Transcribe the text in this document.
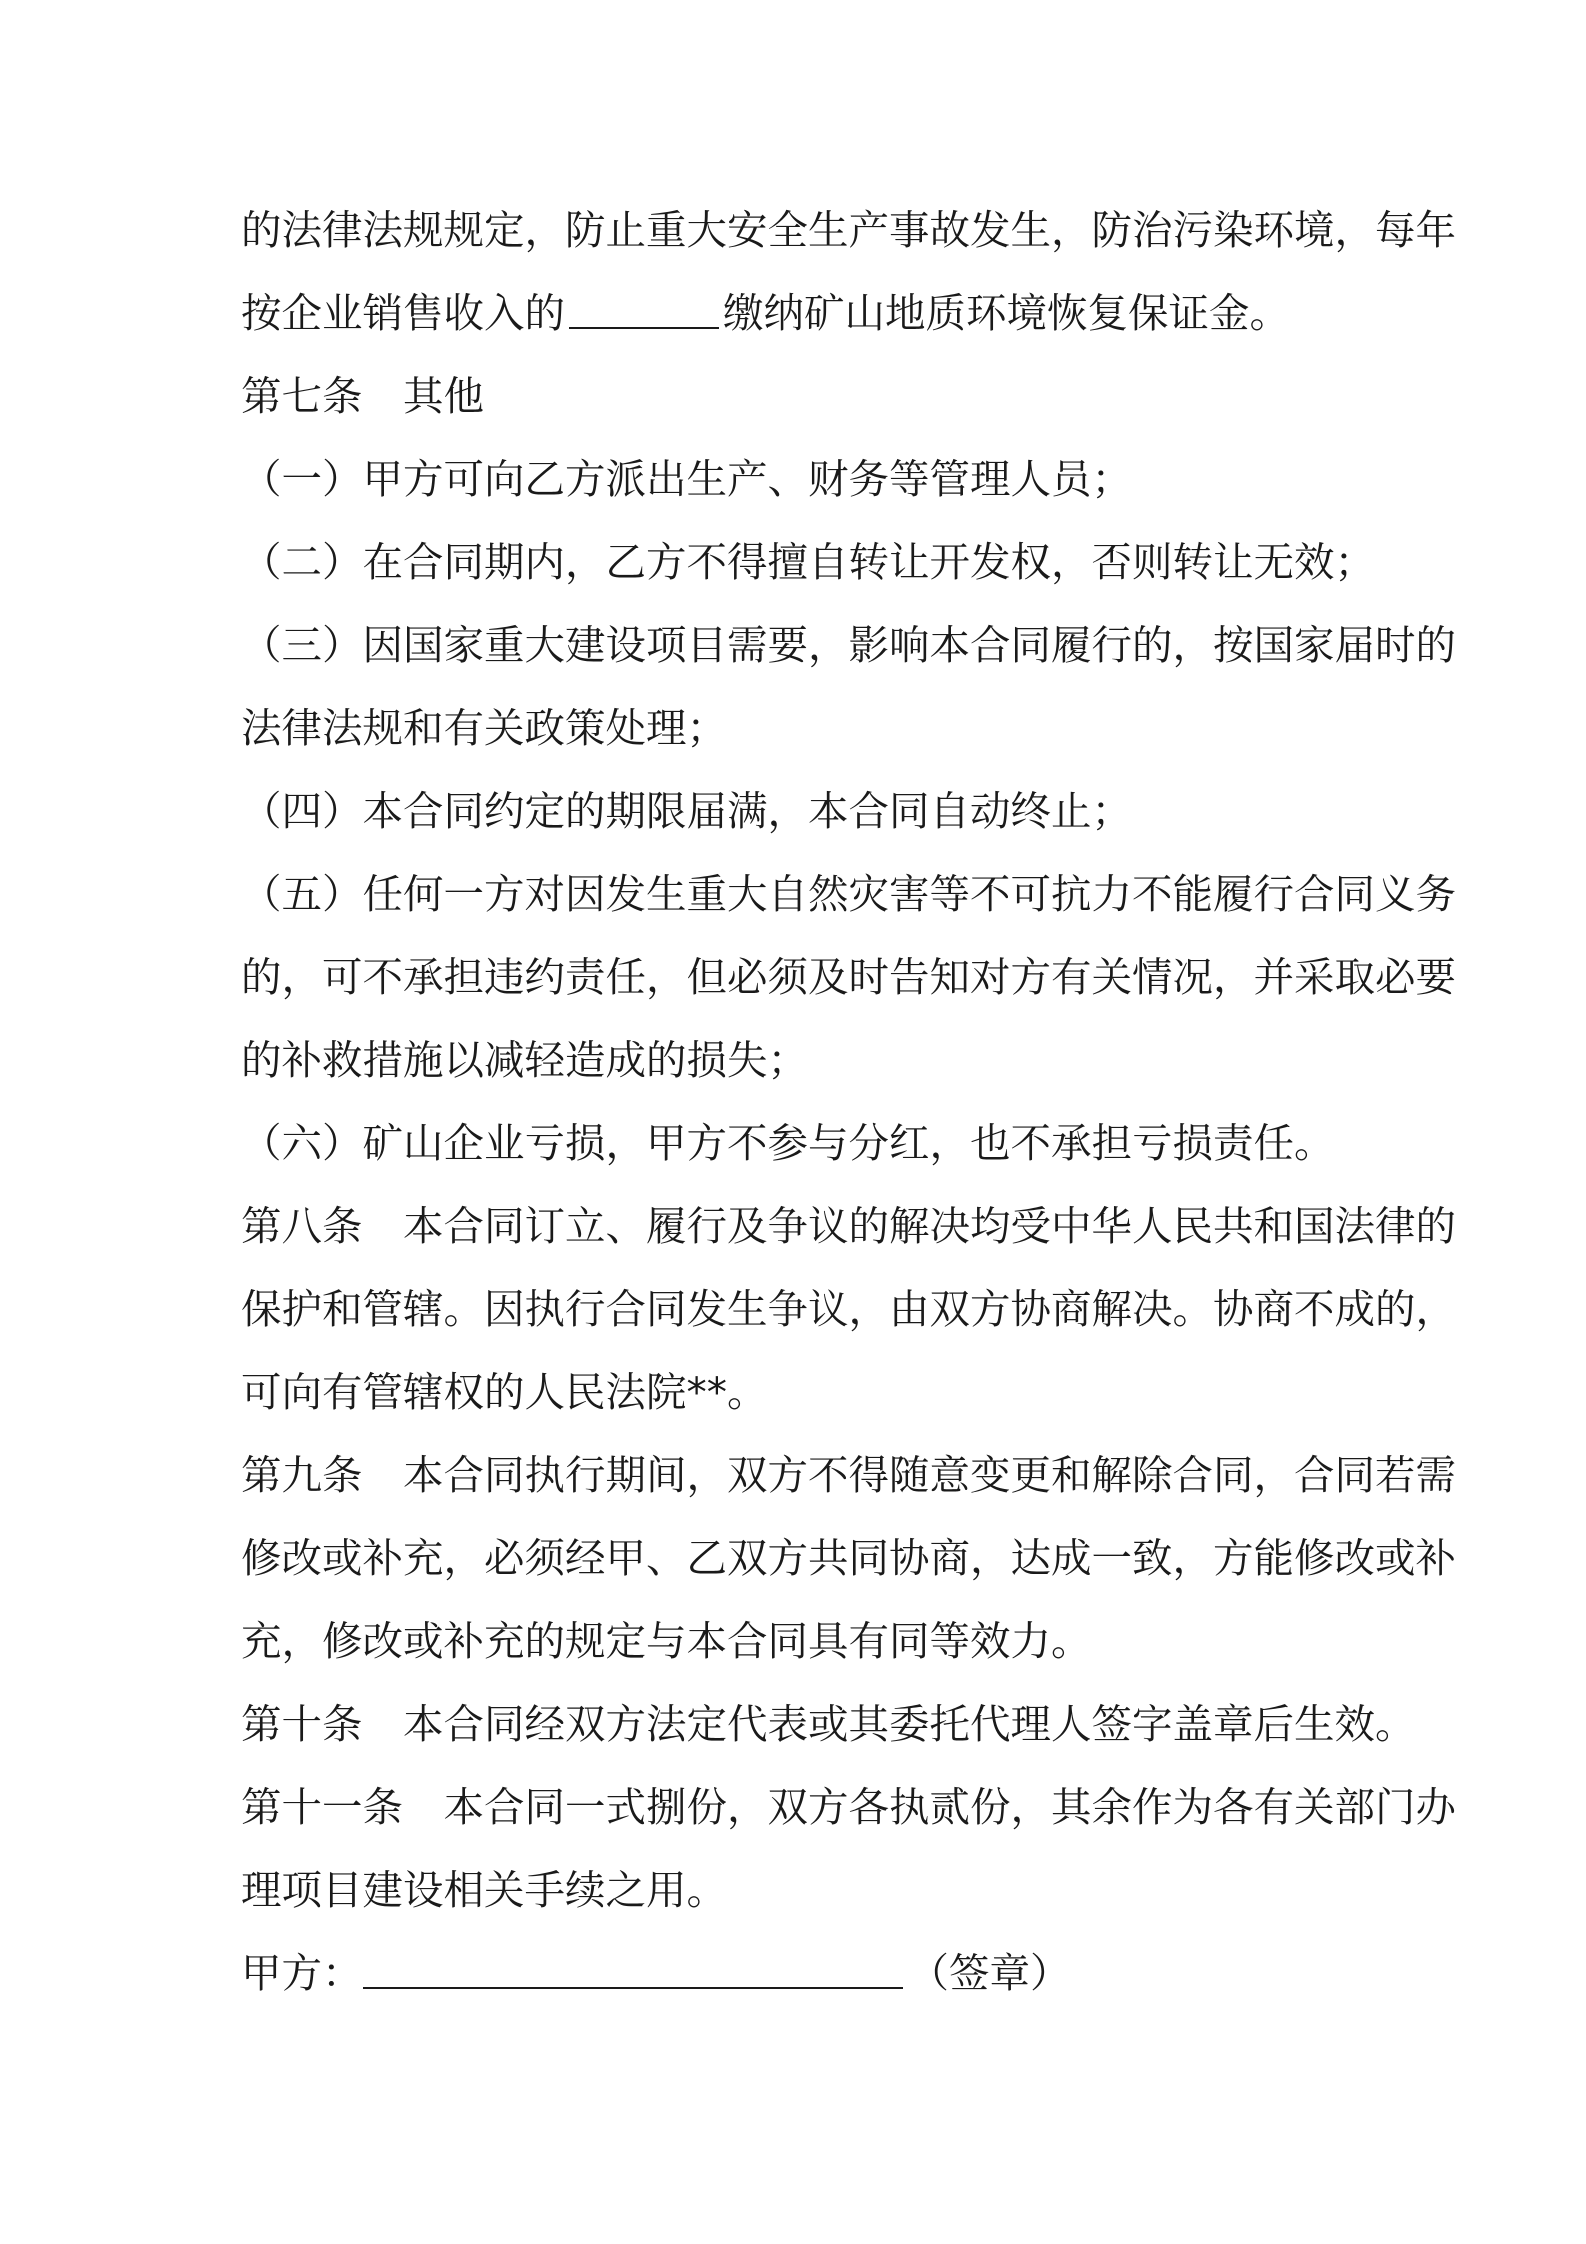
的法律法规规定，防止重大安全生产事故发生，防治污染环境，每年
按企业销售收入的	缴纳矿山地质环境恢复保证金。
第七条　其他
（一）甲方可向乙方派出生产、财务等管理人员；
（二）在合同期内，乙方不得擅自转让开发权，否则转让无效；
（三）因国家重大建设项目需要，影响本合同履行的，按国家届时的
法律法规和有关政策处理；
（四）本合同约定的期限届满，本合同自动终止；
（五）任何一方对因发生重大自然灾害等不可抗力不能履行合同义务
的，可不承担违约责任，但必须及时告知对方有关情况，并采取必要
的补救措施以减轻造成的损失；
（六）矿山企业亏损，甲方不参与分红，也不承担亏损责任。
第八条　本合同订立、履行及争议的解决均受中华人民共和国法律的
保护和管辖。因执行合同发生争议，由双方协商解决。协商不成的，
可向有管辖权的人民法院**。
第九条　本合同执行期间，双方不得随意变更和解除合同，合同若需
修改或补充，必须经甲、乙双方共同协商，达成一致，方能修改或补
充，修改或补充的规定与本合同具有同等效力。
第十条　本合同经双方法定代表或其委托代理人签字盖章后生效。
第十一条　本合同一式捌份，双方各执贰份，其余作为各有关部门办
理项目建设相关手续之用。
甲方：	（签章）
